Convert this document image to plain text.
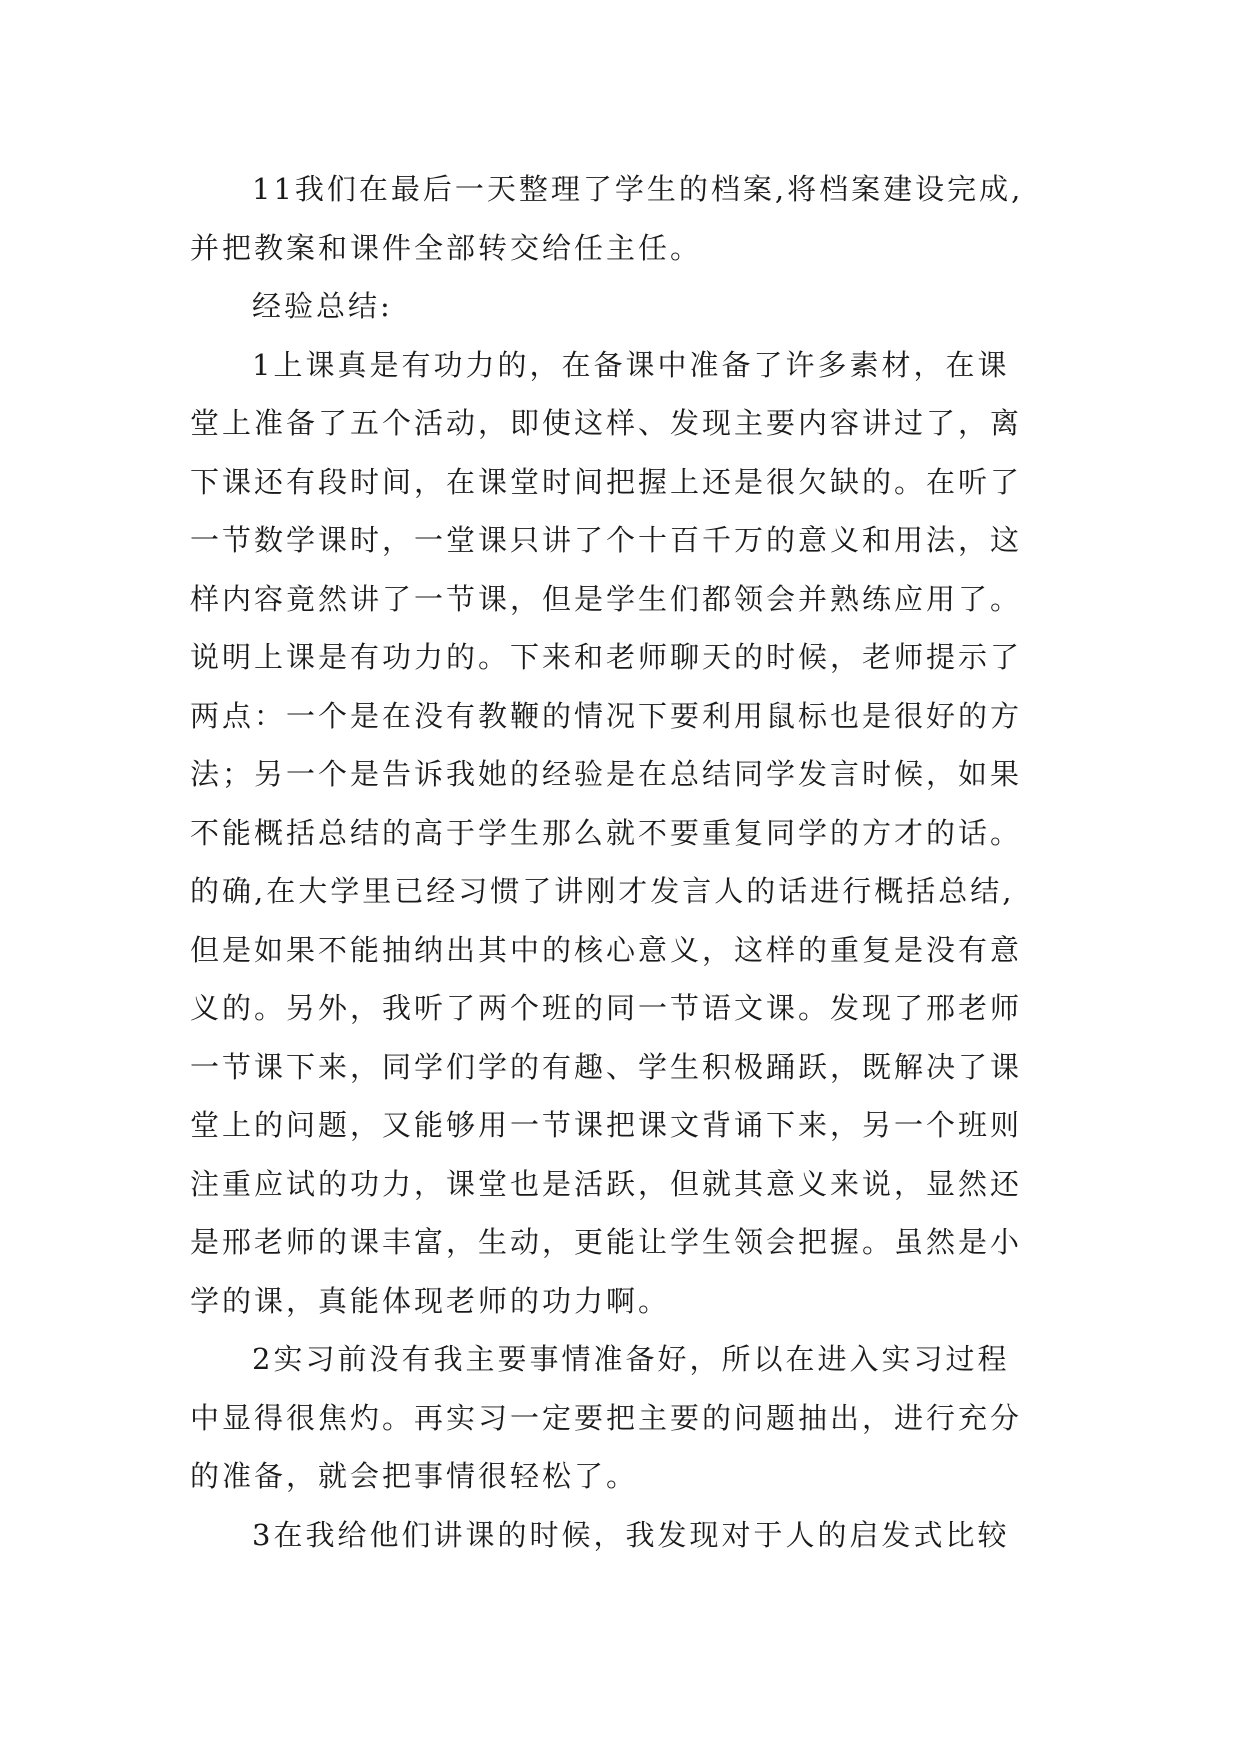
11我们在最后一天整理了学生的档案,将档案建设完成,
并把教案和课件全部转交给任主任。
经验总结:
1上课真是有功力的，在备课中准备了许多素材，在课
堂上准备了五个活动，即使这样、发现主要内容讲过了，离
下课还有段时间，在课堂时间把握上还是很欠缺的。在听了
一节数学课时，一堂课只讲了个十百千万的意义和用法，这
样内容竟然讲了一节课，但是学生们都领会并熟练应用了。
说明上课是有功力的。下来和老师聊天的时候，老师提示了
两点：一个是在没有教鞭的情况下要利用鼠标也是很好的方
法；另一个是告诉我她的经验是在总结同学发言时候，如果
不能概括总结的高于学生那么就不要重复同学的方才的话。
的确,在大学里已经习惯了讲刚才发言人的话进行概括总结,
但是如果不能抽纳出其中的核心意义，这样的重复是没有意
义的。另外，我听了两个班的同一节语文课。发现了邢老师
一节课下来，同学们学的有趣、学生积极踊跃，既解决了课
堂上的问题，又能够用一节课把课文背诵下来，另一个班则
注重应试的功力，课堂也是活跃，但就其意义来说，显然还
是邢老师的课丰富，生动，更能让学生领会把握。虽然是小
学的课，真能体现老师的功力啊。
2实习前没有我主要事情准备好，所以在进入实习过程
中显得很焦灼。再实习一定要把主要的问题抽出，进行充分
的准备，就会把事情很轻松了。
3在我给他们讲课的时候，我发现对于人的启发式比较
